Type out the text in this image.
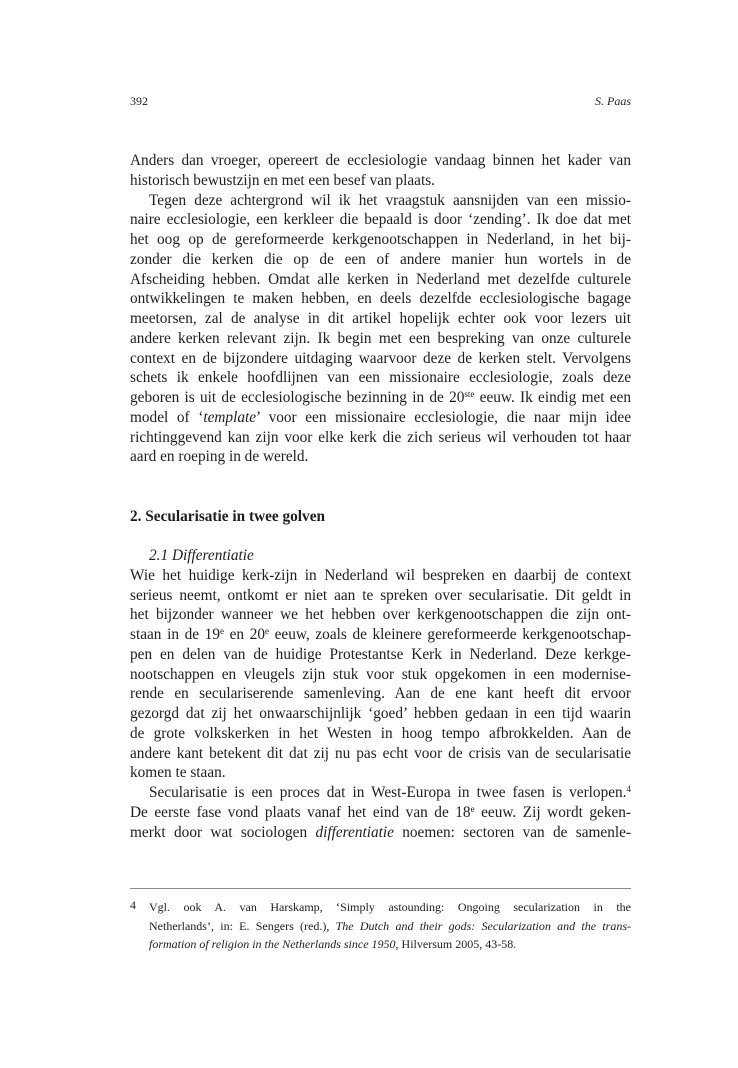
392	S. Paas
Anders dan vroeger, opereert de ecclesiologie vandaag binnen het kader van
historisch bewustzijn en met een besef van plaats.
Tegen deze achtergrond wil ik het vraagstuk aansnijden van een missio-
naire ecclesiologie, een kerkleer die bepaald is door ‘zending’. Ik doe dat met
het oog op de gereformeerde kerkgenootschappen in Nederland, in het bij-
zonder die kerken die op de een of andere manier hun wortels in de
Afscheiding hebben. Omdat alle kerken in Nederland met dezelfde culturele
ontwikkelingen te maken hebben, en deels dezelfde ecclesiologische bagage
meetorsen, zal de analyse in dit artikel hopelijk echter ook voor lezers uit
andere kerken relevant zijn. Ik begin met een bespreking van onze culturele
context en de bijzondere uitdaging waarvoor deze de kerken stelt. Vervolgens
schets ik enkele hoofdlijnen van een missionaire ecclesiologie, zoals deze
geboren is uit de ecclesiologische bezinning in de 20ste eeuw. Ik eindig met een
model of ‘template’ voor een missionaire ecclesiologie, die naar mijn idee
richtinggevend kan zijn voor elke kerk die zich serieus wil verhouden tot haar
aard en roeping in de wereld.
2. Secularisatie in twee golven
2.1 Differentiatie
Wie het huidige kerk-zijn in Nederland wil bespreken en daarbij de context
serieus neemt, ontkomt er niet aan te spreken over secularisatie. Dit geldt in
het bijzonder wanneer we het hebben over kerkgenootschappen die zijn ont-
staan in de 19e en 20e eeuw, zoals de kleinere gereformeerde kerkgenootschap-
pen en delen van de huidige Protestantse Kerk in Nederland. Deze kerkge-
nootschappen en vleugels zijn stuk voor stuk opgekomen in een modernise-
rende en seculariserende samenleving. Aan de ene kant heeft dit ervoor
gezorgd dat zij het onwaarschijnlijk ‘goed’ hebben gedaan in een tijd waarin
de grote volkskerken in het Westen in hoog tempo afbrokkelden. Aan de
andere kant betekent dit dat zij nu pas echt voor de crisis van de secularisatie
komen te staan.
Secularisatie is een proces dat in West-Europa in twee fasen is verlopen.$^4$
De eerste fase vond plaats vanaf het eind van de 18e eeuw. Zij wordt geken-
merkt door wat sociologen differentiatie noemen: sectoren van de samenle-
4 Vgl. ook A. van Harskamp, ‘Simply astounding: Ongoing secularization in the
Netherlands’, in: E. Sengers (red.), The Dutch and their gods: Secularization and the trans-
formation of religion in the Netherlands since 1950, Hilversum 2005, 43-58.
